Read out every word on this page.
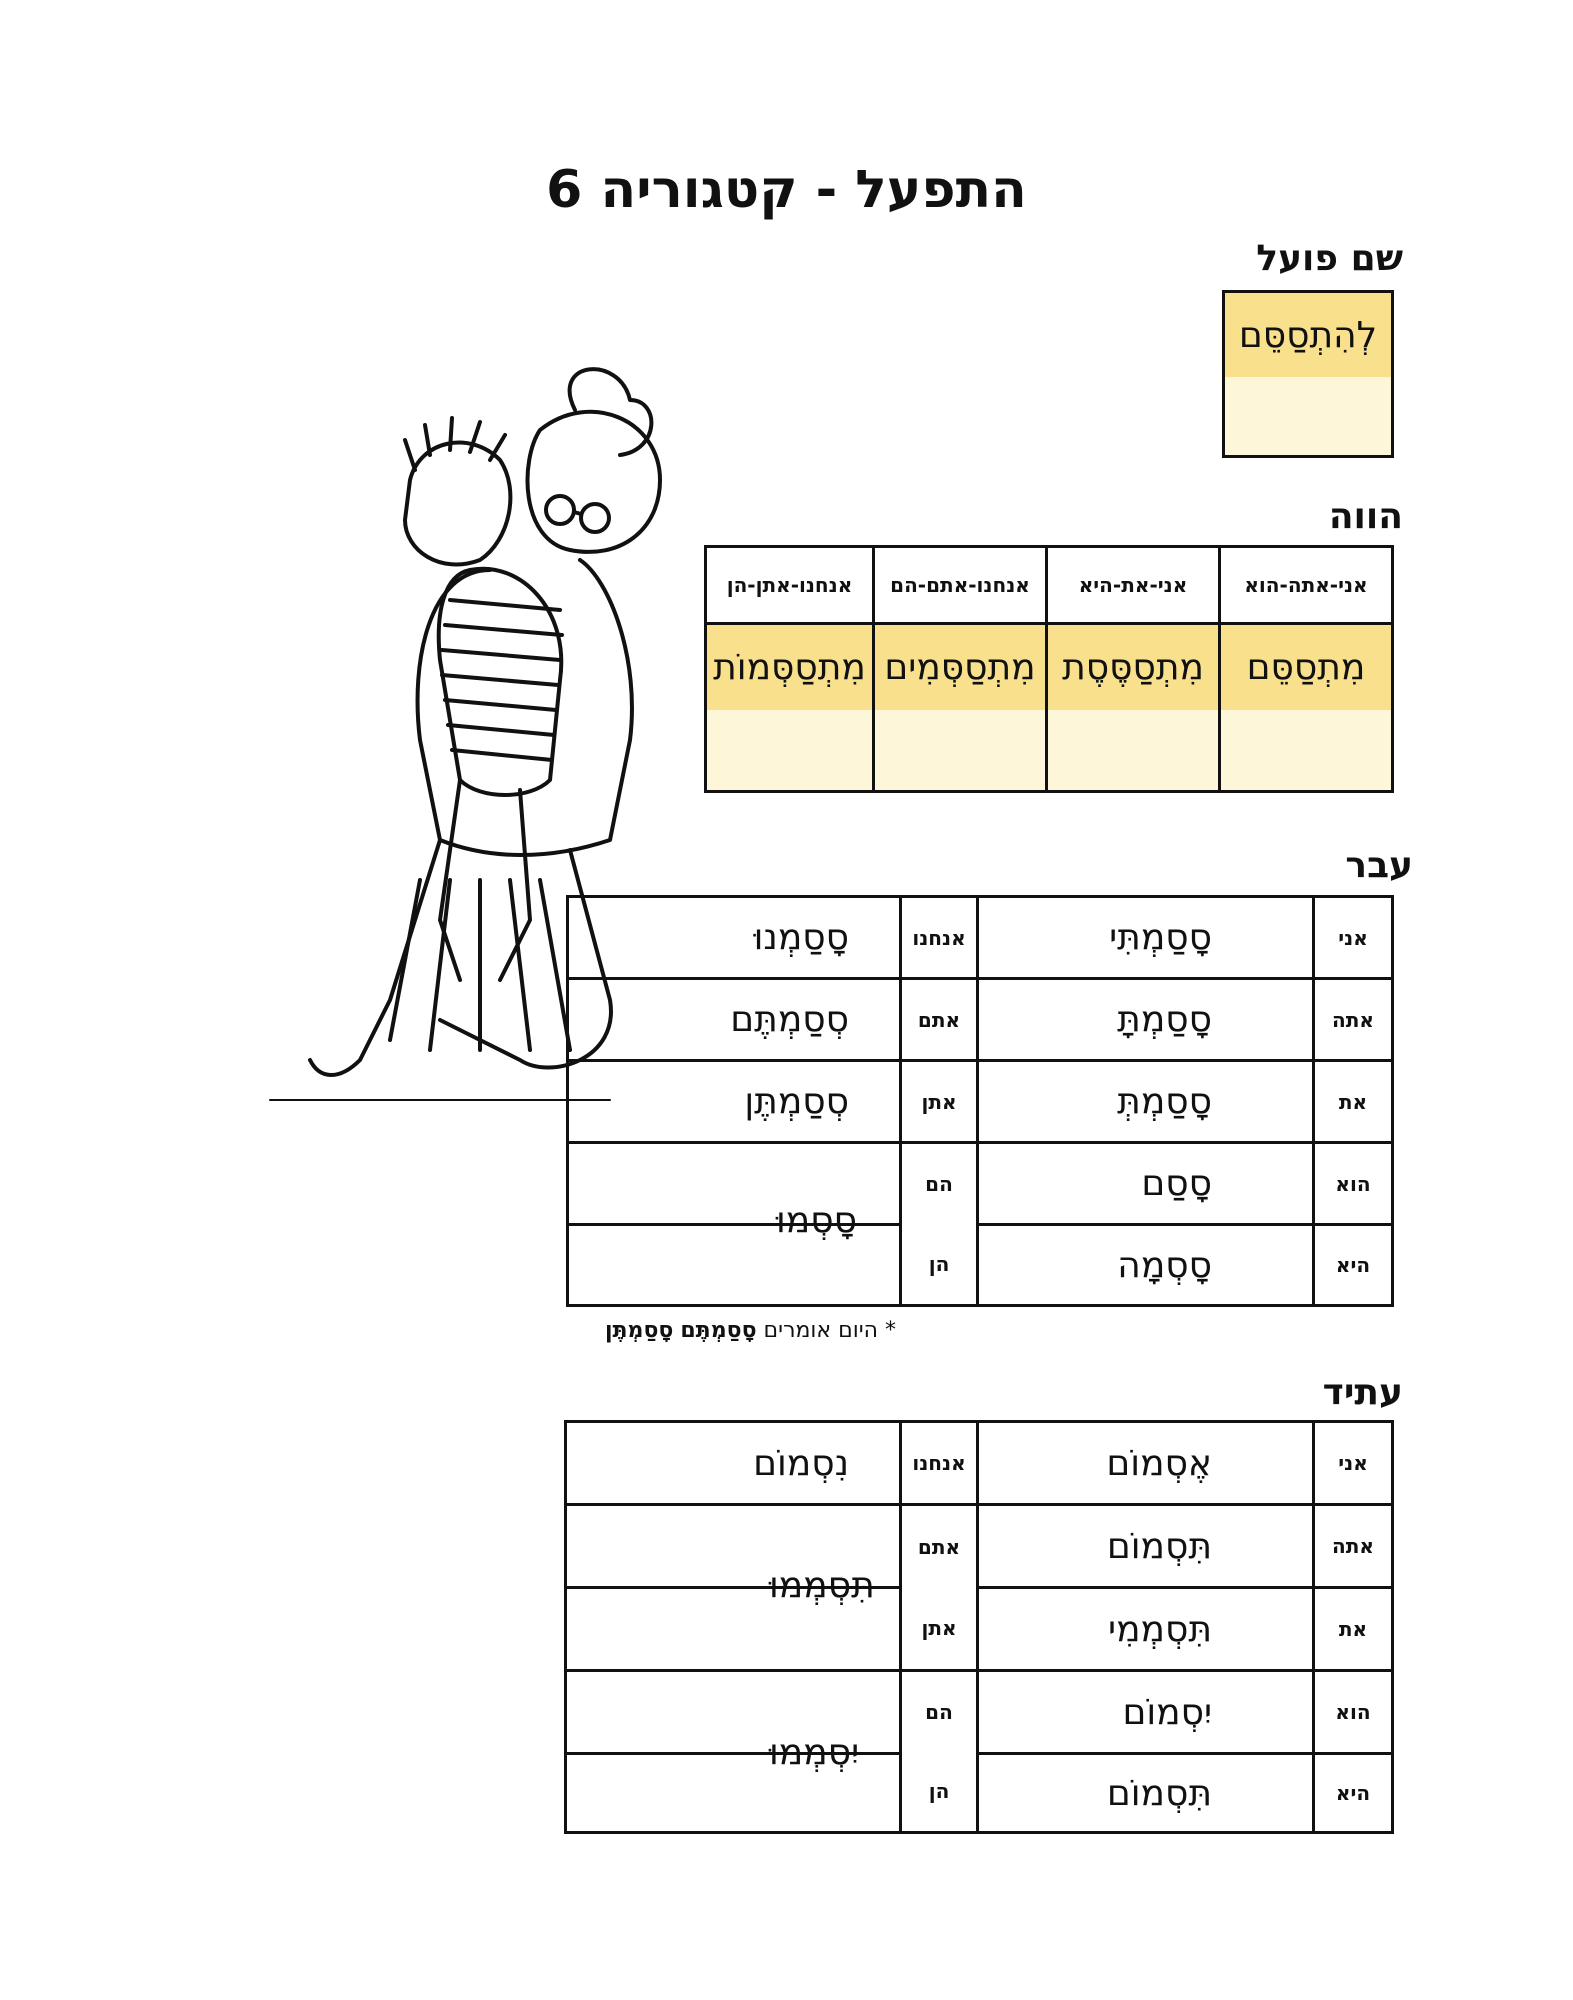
התפעל - קטגוריה 6
שם פועל
לְהִתְסַסֵּם
הווה
אני-אתה-הוא
אני-את-היא
אנחנו-אתם-הם
אנחנו-אתן-הן
מִתְסַסֵּם
מִתְסַסֶּסֶת
מִתְסַסְּמִים
מִתְסַסְּמוֹת
עבר
אני
אתה
את
הוא
היא
סָסַמְתִּי
סָסַמְתָּ
סָסַמְתְּ
סָסַם
סָסְמָה
אנחנו
אתם
אתן
הם
הן
סָסַמְנוּ
סְסַמְתֶּם
סְסַמְתֶּן
סָסְמוּ
* היום אומרים סָסַמְתֶּם סָסַמְתֶּן
עתיד
אני
אתה
את
הוא
היא
אֶסְמוֹם
תִּסְמוֹם
תִּסְמְמִי
יִסְמוֹם
תִּסְמוֹם
אנחנו
אתם
אתן
הם
הן
נִסְמוֹם
תִּסְמְמוּ
יִסְמְמוּ
